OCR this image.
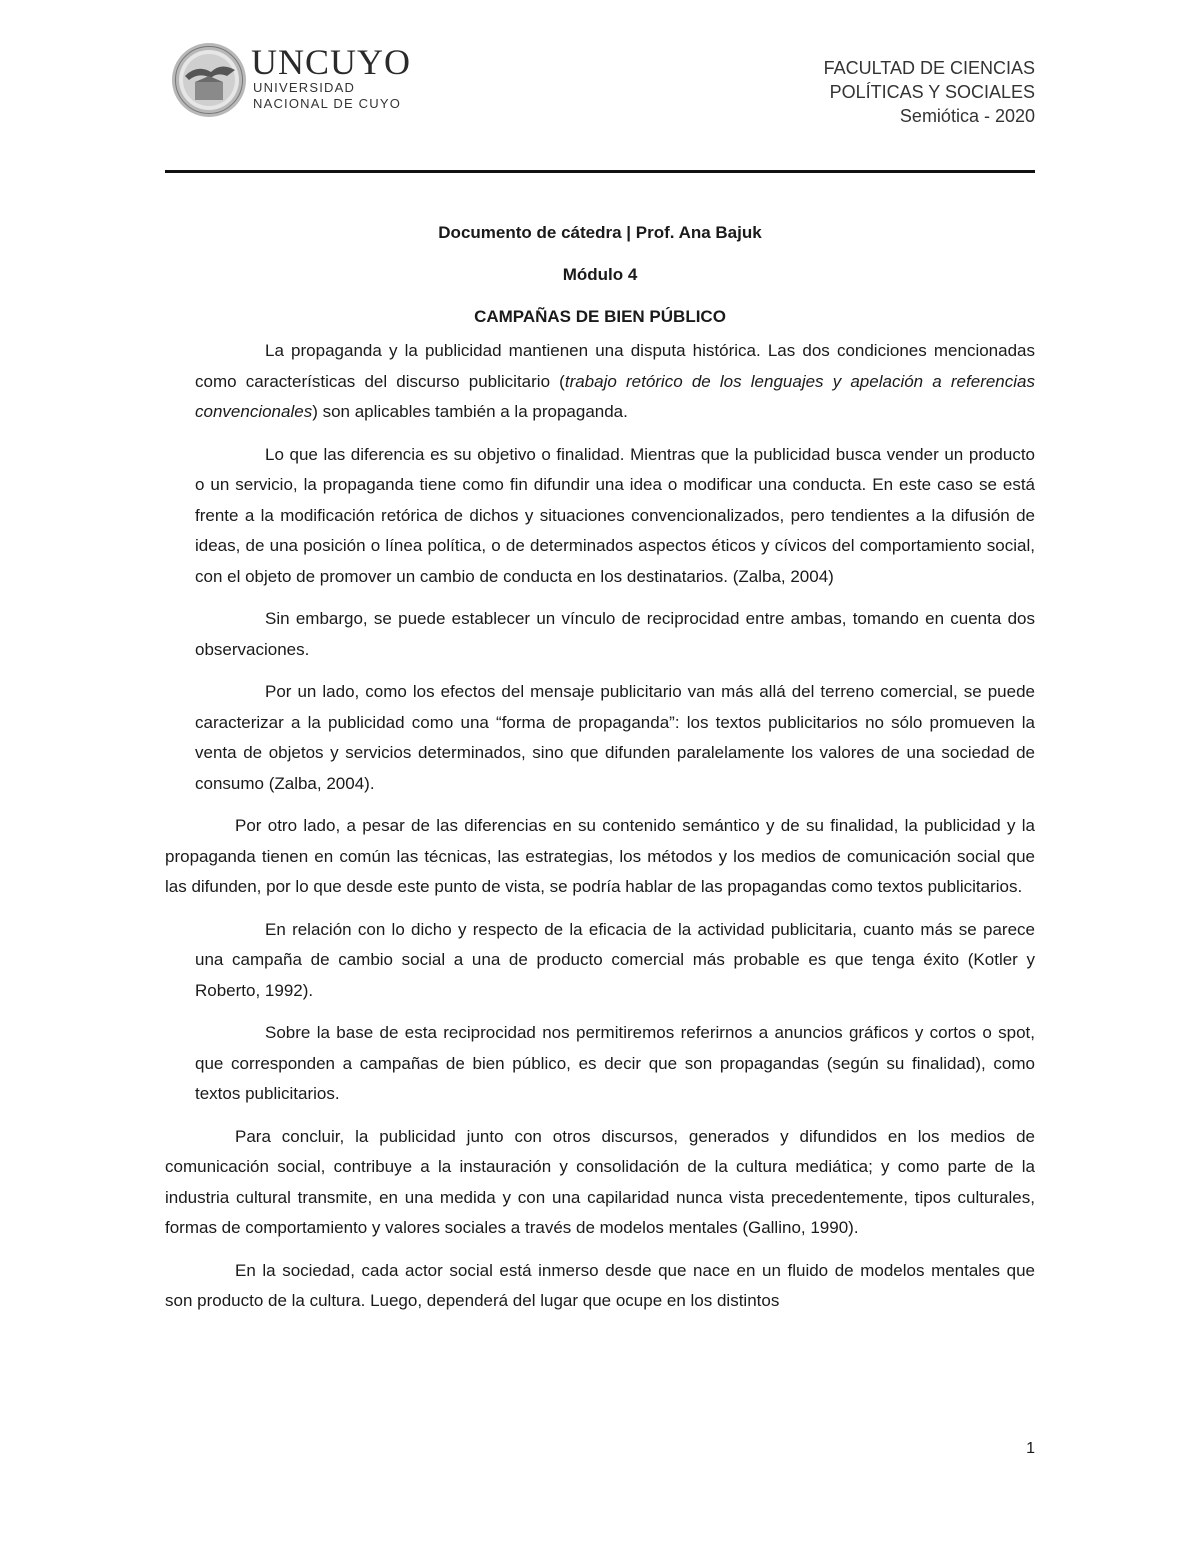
UNCUYO
UNIVERSIDAD
NACIONAL DE CUYO
FACULTAD DE CIENCIAS
POLÍTICAS Y SOCIALES
Semiótica - 2020
Documento de cátedra | Prof. Ana Bajuk
Módulo 4
CAMPAÑAS DE BIEN PÚBLICO

La propaganda y la publicidad mantienen una disputa histórica. Las dos condiciones mencionadas como características del discurso publicitario (trabajo retórico de los lenguajes y apelación a referencias convencionales) son aplicables también a la propaganda.

Lo que las diferencia es su objetivo o finalidad. Mientras que la publicidad busca vender un producto o un servicio, la propaganda tiene como fin difundir una idea o modificar una conducta. En este caso se está frente a la modificación retórica de dichos y situaciones convencionalizados, pero tendientes a la difusión de ideas, de una posición o línea política, o de determinados aspectos éticos y cívicos del comportamiento social, con el objeto de promover un cambio de conducta en los destinatarios. (Zalba, 2004)

Sin embargo, se puede establecer un vínculo de reciprocidad entre ambas, tomando en cuenta dos observaciones.

Por un lado, como los efectos del mensaje publicitario van más allá del terreno comercial, se puede caracterizar a la publicidad como una “forma de propaganda”: los textos publicitarios no sólo promueven la venta de objetos y servicios determinados, sino que difunden paralelamente los valores de una sociedad de consumo (Zalba, 2004).

Por otro lado, a pesar de las diferencias en su contenido semántico y de su finalidad, la publicidad y la propaganda tienen en común las técnicas, las estrategias, los métodos y los medios de comunicación social que las difunden, por lo que desde este punto de vista, se podría hablar de las propagandas como textos publicitarios.

En relación con lo dicho y respecto de la eficacia de la actividad publicitaria, cuanto más se parece una campaña de cambio social a una de producto comercial más probable es que tenga éxito (Kotler y Roberto, 1992).

Sobre la base de esta reciprocidad nos permitiremos referirnos a anuncios gráficos y cortos o spot, que corresponden a campañas de bien público, es decir que son propagandas (según su finalidad), como textos publicitarios.

Para concluir, la publicidad junto con otros discursos, generados y difundidos en los medios de comunicación social, contribuye a la instauración y consolidación de la cultura mediática; y como parte de la industria cultural transmite, en una medida y con una capilaridad nunca vista precedentemente, tipos culturales, formas de comportamiento y valores sociales a través de modelos mentales (Gallino, 1990).

En la sociedad, cada actor social está inmerso desde que nace en un fluido de modelos mentales que son producto de la cultura. Luego, dependerá del lugar que ocupe en los distintos

1
